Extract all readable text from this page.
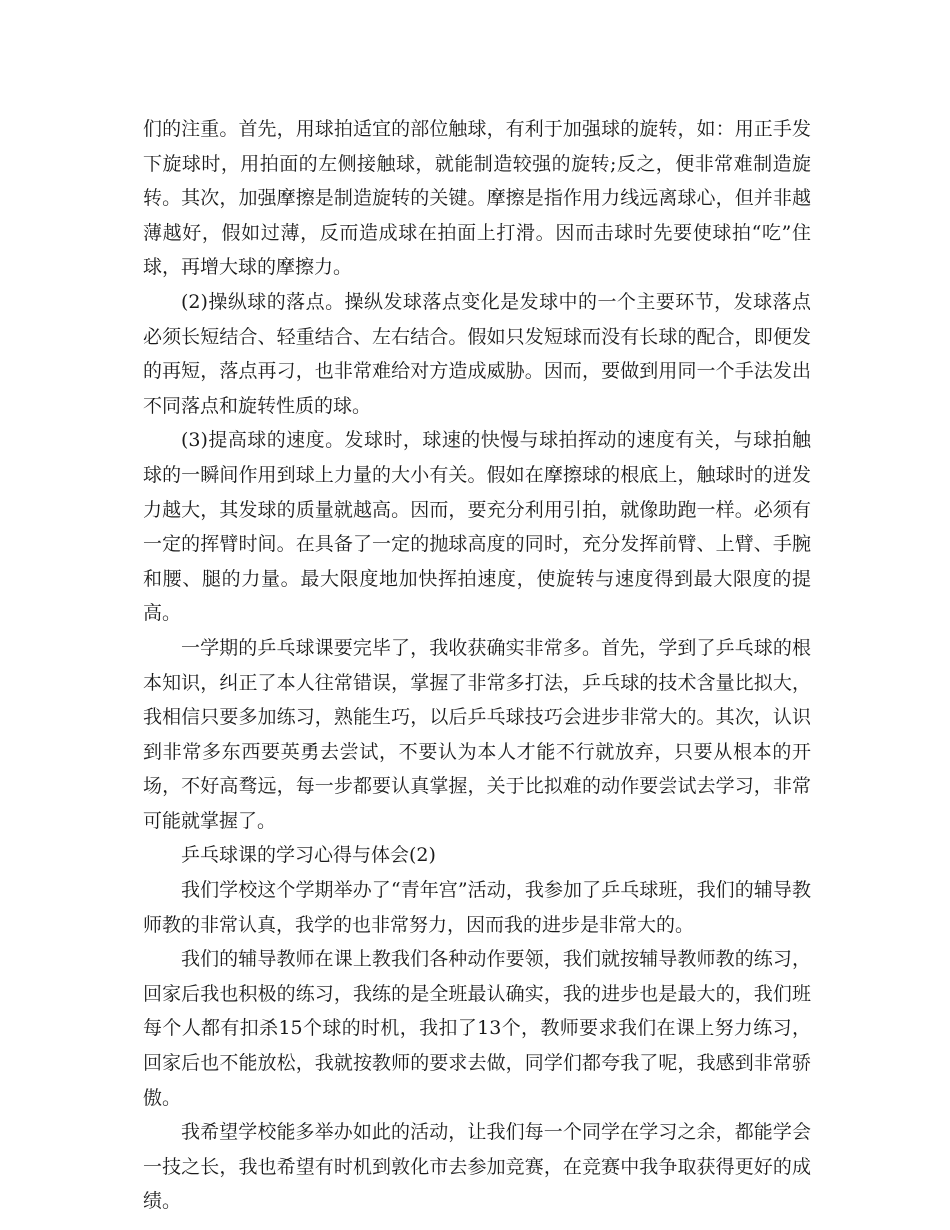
们的注重。首先，用球拍适宜的部位触球，有利于加强球的旋转，如：用正手发下旋球时，用拍面的左侧接触球，就能制造较强的旋转;反之，便非常难制造旋转。其次，加强摩擦是制造旋转的关键。摩擦是指作用力线远离球心，但并非越薄越好，假如过薄，反而造成球在拍面上打滑。因而击球时先要使球拍“吃”住球，再增大球的摩擦力。

(2)操纵球的落点。操纵发球落点变化是发球中的一个主要环节，发球落点必须长短结合、轻重结合、左右结合。假如只发短球而没有长球的配合，即便发的再短，落点再刁，也非常难给对方造成威胁。因而，要做到用同一个手法发出不同落点和旋转性质的球。

(3)提高球的速度。发球时，球速的快慢与球拍挥动的速度有关，与球拍触球的一瞬间作用到球上力量的大小有关。假如在摩擦球的根底上，触球时的迸发力越大，其发球的质量就越高。因而，要充分利用引拍，就像助跑一样。必须有一定的挥臂时间。在具备了一定的抛球高度的同时，充分发挥前臂、上臂、手腕和腰、腿的力量。最大限度地加快挥拍速度，使旋转与速度得到最大限度的提高。

一学期的乒乓球课要完毕了，我收获确实非常多。首先，学到了乒乓球的根本知识，纠正了本人往常错误，掌握了非常多打法，乒乓球的技术含量比拟大，我相信只要多加练习，熟能生巧，以后乒乓球技巧会进步非常大的。其次，认识到非常多东西要英勇去尝试，不要认为本人才能不行就放弃，只要从根本的开场，不好高骛远，每一步都要认真掌握，关于比拟难的动作要尝试去学习，非常可能就掌握了。

乒乓球课的学习心得与体会(2)

我们学校这个学期举办了“青年宫”活动，我参加了乒乓球班，我们的辅导教师教的非常认真，我学的也非常努力，因而我的进步是非常大的。

我们的辅导教师在课上教我们各种动作要领，我们就按辅导教师教的练习，回家后我也积极的练习，我练的是全班最认确实，我的进步也是最大的，我们班每个人都有扣杀15个球的时机，我扣了13个，教师要求我们在课上努力练习，回家后也不能放松，我就按教师的要求去做，同学们都夸我了呢，我感到非常骄傲。

我希望学校能多举办如此的活动，让我们每一个同学在学习之余，都能学会一技之长，我也希望有时机到敦化市去参加竞赛，在竞赛中我争取获得更好的成绩。
